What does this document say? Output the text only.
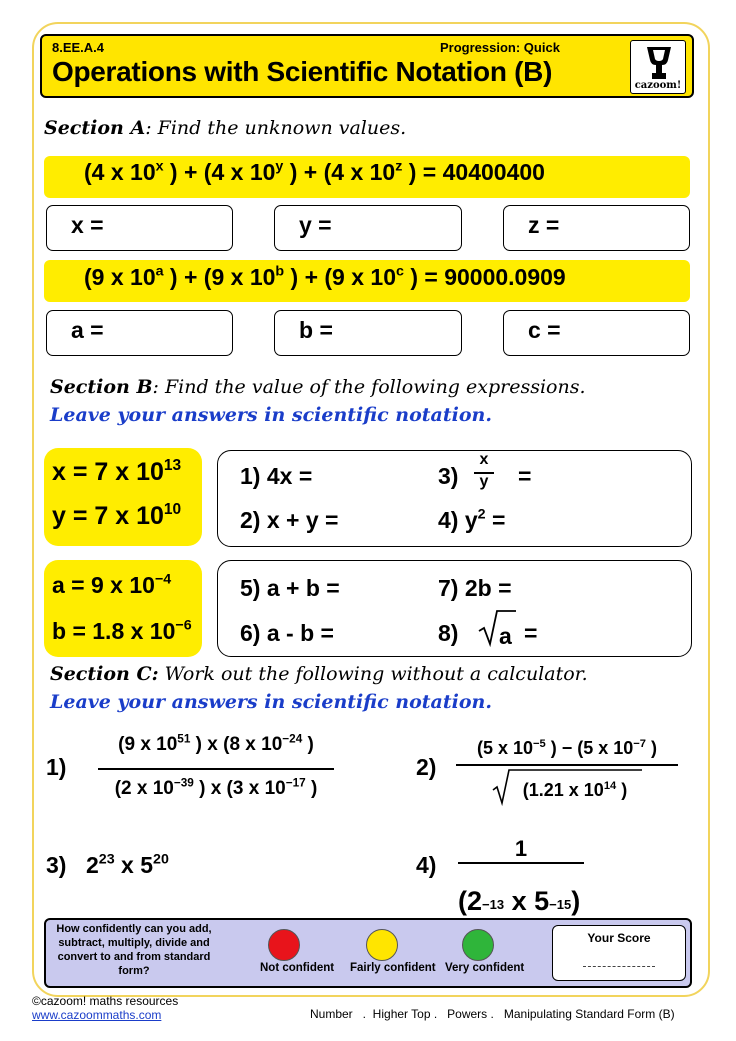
8.EE.A.4	Progression: Quick
Operations with Scientific Notation (B)	cazoom!
Section A: Find the unknown values.
(4 x 10$^x$ ) + (4 x 10$^y$ ) + (4 x 10$^z$ ) = 40400400
x =	y =	z =
(9 x 10$^a$ ) + (9 x 10$^b$ ) + (9 x 10$^c$ ) = 90000.0909
a =	b =	c =
Section B: Find the value of the following expressions.
Leave your answers in scientific notation.
x = 7 x $10^{13}$
y = 7 x $10^{10}$
1) 4x =
2) x + y =
3)
x
y =
4) $y^2$ =
a = 9 x $10^{-4}$
b = 1.8 x $10^{-6}$
5) a + b =
6) a - b =
7) 2b =
8) a =
Section C: Work out the following without a calculator.
Leave your answers in scientific notation.
1)
(9 x $10^{51}$ ) x (8 x $10^{-24}$ )
(2 x $10^{-39}$ ) x (3 x $10^{-17}$ )
2)
(5 x $10^{-5}$ ) − (5 x $10^{-7}$ )
(1.21 x $10^{14}$ )
3) $2^{23}$ x $5^{20}$	4)
1
(2−13 x 5−15)
How confidently can you add, subtract, multiply, divide and convert to and from standard form?	Not confident Fairly confident Very confident
Your Score
©cazoom! maths resources
www.cazoommaths.com	Number   .  Higher Top .   Powers .   Manipulating Standard Form (B)
